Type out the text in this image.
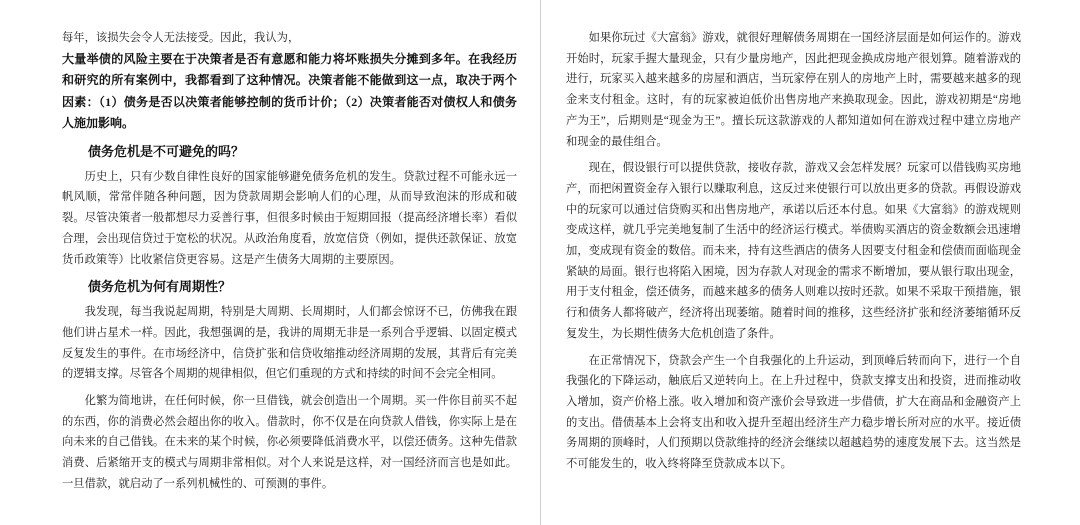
每年，该损失会令人无法接受。因此，我认为，

大量举债的风险主要在于决策者是否有意愿和能力将坏账损失分摊到多年。在我经历和研究的所有案例中，我都看到了这种情况。决策者能不能做到这一点，取决于两个因素：（1）债务是否以决策者能够控制的货币计价；（2）决策者能否对债权人和债务人施加影响。

债务危机是不可避免的吗？

历史上，只有少数自律性良好的国家能够避免债务危机的发生。贷款过程不可能永远一帆风顺，常常伴随各种问题，因为贷款周期会影响人们的心理，从而导致泡沫的形成和破裂。尽管决策者一般都想尽力妥善行事，但很多时候由于短期回报（提高经济增长率）看似合理，会出现信贷过于宽松的状况。从政治角度看，放宽信贷（例如，提供还款保证、放宽货币政策等）比收紧信贷更容易。这是产生债务大周期的主要原因。

债务危机为何有周期性？

我发现，每当我说起周期，特别是大周期、长周期时，人们都会惊讶不已，仿佛我在跟他们讲占星术一样。因此，我想强调的是，我讲的周期无非是一系列合乎逻辑、以固定模式反复发生的事件。在市场经济中，信贷扩张和信贷收缩推动经济周期的发展，其背后有完美的逻辑支撑。尽管各个周期的规律相似，但它们重现的方式和持续的时间不会完全相同。

化繁为简地讲，在任何时候，你一旦借钱，就会创造出一个周期。买一件你目前买不起的东西，你的消费必然会超出你的收入。借款时，你不仅是在向贷款人借钱，你实际上是在向未来的自己借钱。在未来的某个时候，你必须要降低消费水平，以偿还债务。这种先借款消费、后紧缩开支的模式与周期非常相似。对个人来说是这样，对一国经济而言也是如此。一旦借款，就启动了一系列机械性的、可预测的事件。

如果你玩过《大富翁》游戏，就很好理解债务周期在一国经济层面是如何运作的。游戏开始时，玩家手握大量现金，只有少量房地产，因此把现金换成房地产很划算。随着游戏的进行，玩家买入越来越多的房屋和酒店，当玩家停在别人的房地产上时，需要越来越多的现金来支付租金。这时，有的玩家被迫低价出售房地产来换取现金。因此，游戏初期是“房地产为王”，后期则是“现金为王”。擅长玩这款游戏的人都知道如何在游戏过程中建立房地产和现金的最佳组合。

现在，假设银行可以提供贷款，接收存款，游戏又会怎样发展？玩家可以借钱购买房地产，而把闲置资金存入银行以赚取利息，这反过来使银行可以放出更多的贷款。再假设游戏中的玩家可以通过信贷购买和出售房地产，承诺以后还本付息。如果《大富翁》的游戏规则变成这样，就几乎完美地复制了生活中的经济运行模式。举债购买酒店的资金数额会迅速增加，变成现有资金的数倍。而未来，持有这些酒店的债务人因要支付租金和偿债而面临现金紧缺的局面。银行也将陷入困境，因为存款人对现金的需求不断增加，要从银行取出现金，用于支付租金，偿还债务，而越来越多的债务人则难以按时还款。如果不采取干预措施，银行和债务人都将破产，经济将出现萎缩。随着时间的推移，这些经济扩张和经济萎缩循环反复发生，为长期性债务大危机创造了条件。

在正常情况下，贷款会产生一个自我强化的上升运动，到顶峰后转而向下，进行一个自我强化的下降运动，触底后又逆转向上。在上升过程中，贷款支撑支出和投资，进而推动收入增加，资产价格上涨。收入增加和资产涨价会导致进一步借债，扩大在商品和金融资产上的支出。借债基本上会将支出和收入提升至超出经济生产力稳步增长所对应的水平。接近债务周期的顶峰时，人们预期以贷款维持的经济会继续以超越趋势的速度发展下去。这当然是不可能发生的，收入终将降至贷款成本以下。
